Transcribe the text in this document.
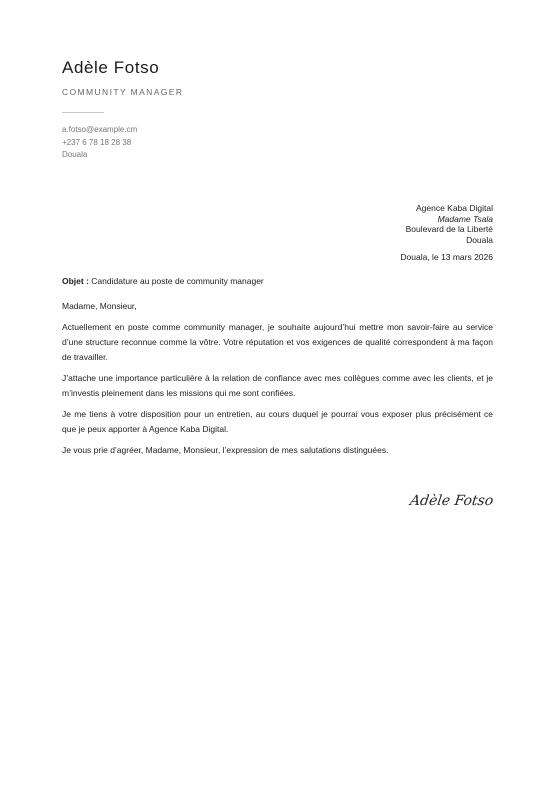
Adèle Fotso
COMMUNITY MANAGER
a.fotso@example.cm
+237 6 78 18 28 38
Douala
Agence Kaba Digital
Madame Tsala
Boulevard de la Liberté
Douala
Douala, le 13 mars 2026
Objet : Candidature au poste de community manager

Madame, Monsieur,

Actuellement en poste comme community manager, je souhaite aujourd’hui mettre mon savoir-faire au service d’une structure reconnue comme la vôtre. Votre réputation et vos exigences de qualité correspondent à ma façon de travailler.

J’attache une importance particulière à la relation de confiance avec mes collègues comme avec les clients, et je m’investis pleinement dans les missions qui me sont confiées.

Je me tiens à votre disposition pour un entretien, au cours duquel je pourrai vous exposer plus précisément ce que je peux apporter à Agence Kaba Digital.

Je vous prie d’agréer, Madame, Monsieur, l’expression de mes salutations distinguées.

Adèle Fotso
